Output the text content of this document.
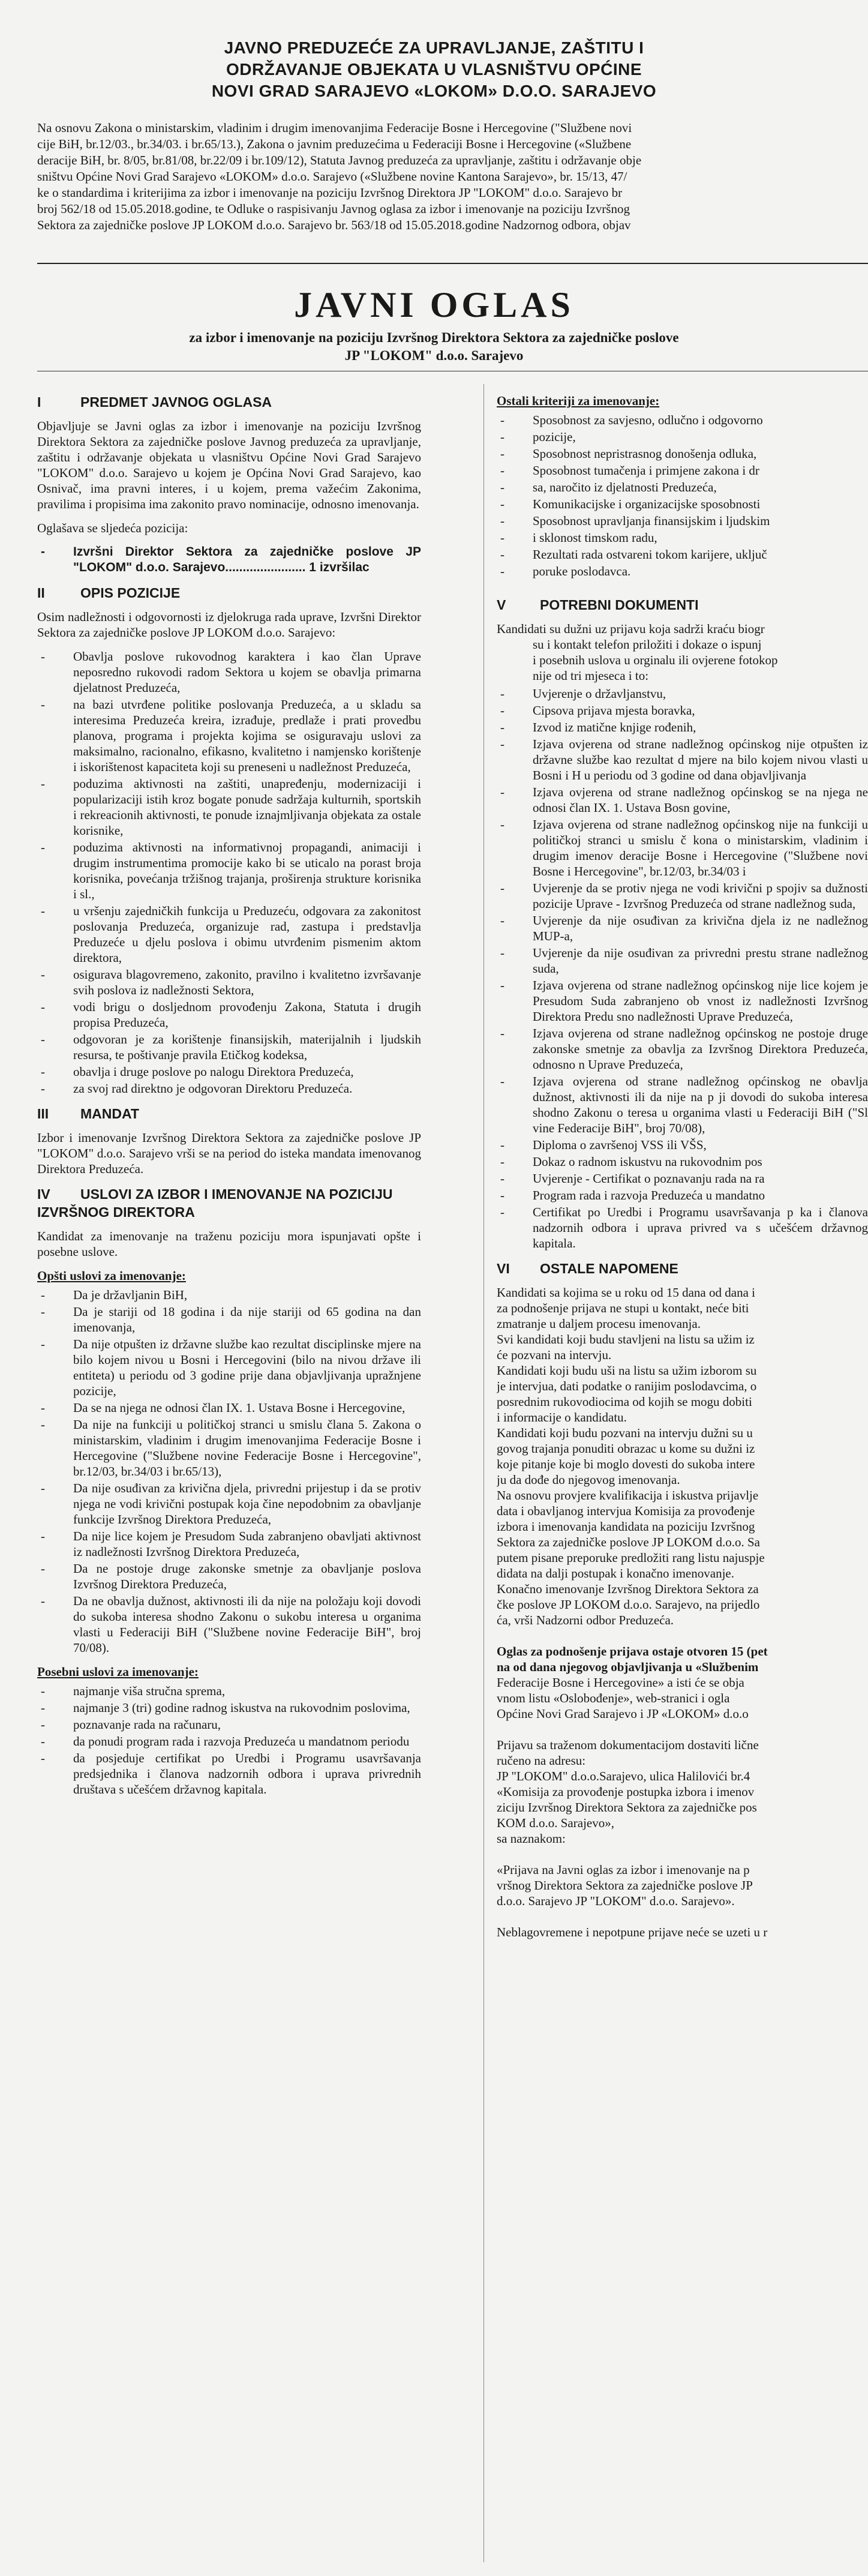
JAVNO PREDUZEĆE ZA UPRAVLJANJE, ZAŠTITU I
ODRŽAVANJE OBJEKATA U VLASNIŠTVU OPĆINE
NOVI GRAD SARAJEVO «LOKOM» D.O.O. SARAJEVO
Na osnovu Zakona o ministarskim, vladinim i drugim imenovanjima Federacije Bosne i Hercegovine ("Službene novi
cije BiH, br.12/03., br.34/03. i br.65/13.), Zakona o javnim preduzećima u Federaciji Bosne i Hercegovine («Službene
deracije BiH, br. 8/05, br.81/08, br.22/09 i br.109/12), Statuta Javnog preduzeća za upravljanje, zaštitu i održavanje obje
sništvu Općine Novi Grad Sarajevo «LOKOM» d.o.o. Sarajevo («Službene novine Kantona Sarajevo», br. 15/13, 47/
ke o standardima i kriterijima za izbor i imenovanje na poziciju Izvršnog Direktora JP "LOKOM" d.o.o. Sarajevo br
broj 562/18 od 15.05.2018.godine, te Odluke o raspisivanju Javnog oglasa za izbor i imenovanje na poziciju Izvršnog
Sektora za zajedničke poslove JP LOKOM d.o.o. Sarajevo br. 563/18 od 15.05.2018.godine Nadzornog odbora, objav
JAVNI OGLAS
za izbor i imenovanje na poziciju Izvršnog Direktora Sektora za zajedničke poslove
JP "LOKOM" d.o.o. Sarajevo
I	PREDMET JAVNOG OGLASA

Objavljuje se Javni oglas za izbor i imenovanje na poziciju Izvršnog Direktora Sektora za zajedničke poslove Javnog preduzeća za upravljanje, zaštitu i održavanje objekata u vlasništvu Općine Novi Grad Sarajevo "LOKOM" d.o.o. Sarajevo u kojem je Općina Novi Grad Sarajevo, kao Osnivač, ima pravni interes, i u kojem, prema važećim Zakonima, pravilima i propisima ima zakonito pravo nominacije, odnosno imenovanja.

Oglašava se sljedeća pozicija:

- Izvršni Direktor Sektora za zajedničke poslove JP "LOKOM" d.o.o. Sarajevo....................... 1 izvršilac
II	OPIS POZICIJE

Osim nadležnosti i odgovornosti iz djelokruga rada uprave, Izvršni Direktor Sektora za zajedničke poslove JP LOKOM d.o.o. Sarajevo:

- Obavlja poslove rukovodnog karaktera i kao član Uprave neposredno rukovodi radom Sektora u kojem se obavlja primarna djelatnost Preduzeća,
- na bazi utvrđene politike poslovanja Preduzeća, a u skladu sa interesima Preduzeća kreira, izrađuje, predlaže i prati provedbu planova, programa i projekta kojima se osiguravaju uslovi za maksimalno, racionalno, efikasno, kvalitetno i namjensko korištenje i iskorištenost kapaciteta koji su preneseni u nadležnost Preduzeća,
- poduzima aktivnosti na zaštiti, unapređenju, modernizaciji i popularizaciji istih kroz bogate ponude sadržaja kulturnih, sportskih i rekreacionih aktivnosti, te ponude iznajmljivanja objekata za ostale korisnike,
- poduzima aktivnosti na informativnoj propagandi, animaciji i drugim instrumentima promocije kako bi se uticalo na porast broja korisnika, povećanja tržišnog trajanja, proširenja strukture korisnika i sl.,
- u vršenju zajedničkih funkcija u Preduzeću, odgovara za zakonitost poslovanja Preduzeća, organizuje rad, zastupa i predstavlja Preduzeće u djelu poslova i obimu utvrđenim pismenim aktom direktora,
- osigurava blagovremeno, zakonito, pravilno i kvalitetno izvršavanje svih poslova iz nadležnosti Sektora,
- vodi brigu o dosljednom provođenju Zakona, Statuta i drugih propisa Preduzeća,
- odgovoran je za korištenje finansijskih, materijalnih i ljudskih resursa, te poštivanje pravila Etičkog kodeksa,
- obavlja i druge poslove po nalogu Direktora Preduzeća,
- za svoj rad direktno je odgovoran Direktoru Preduzeća.
III MANDAT

Izbor i imenovanje Izvršnog Direktora Sektora za zajedničke poslove JP "LOKOM" d.o.o. Sarajevo vrši se na period do isteka mandata imenovanog Direktora Preduzeća.

IV USLOVI ZA IZBOR I IMENOVANJE NA POZICIJU IZVRŠNOG DIREKTORA

Kandidat za imenovanje na traženu poziciju mora ispunjavati opšte i posebne uslove.

Opšti uslovi za imenovanje:
- Da je državljanin BiH,
- Da je stariji od 18 godina i da nije stariji od 65 godina na dan imenovanja,
- Da nije otpušten iz državne službe kao rezultat disciplinske mjere na bilo kojem nivou u Bosni i Hercegovini (bilo na nivou države ili entiteta) u periodu od 3 godine prije dana objavljivanja upražnjene pozicije,
- Da se na njega ne odnosi član IX. 1. Ustava Bosne i Hercegovine,
- Da nije na funkciji u političkoj stranci u smislu člana 5. Zakona o ministarskim, vladinim i drugim imenovanjima Federacije Bosne i Hercegovine ("Službene novine Federacije Bosne i Hercegovine", br.12/03, br.34/03 i br.65/13),
- Da nije osuđivan za krivična djela, privredni prijestup i da se protiv njega ne vodi krivični postupak koja čine nepodobnim za obavljanje funkcije Izvršnog Direktora Preduzeća,
- Da nije lice kojem je Presudom Suda zabranjeno obavljati aktivnost iz nadležnosti Izvršnog Direktora Preduzeća,
- Da ne postoje druge zakonske smetnje za obavljanje poslova Izvršnog Direktora Preduzeća,
- Da ne obavlja dužnost, aktivnosti ili da nije na položaju koji dovodi do sukoba interesa shodno Zakonu o sukobu interesa u organima vlasti u Federaciji BiH ("Službene novine Federacije BiH", broj 70/08).
Posebni uslovi za imenovanje:
- najmanje viša stručna sprema,
- najmanje 3 (tri) godine radnog iskustva na rukovodnim poslovima,
- poznavanje rada na računaru,
- da ponudi program rada i razvoja Preduzeća u mandatnom periodu
- da posjeduje certifikat po Uredbi i Programu usavršavanja predsjednika i članova nadzornih odbora i uprava privrednih društava s učešćem državnog kapitala.
Ostali kriteriji za imenovanje:
- Sposobnost za savjesno, odlučno i odgovorno
- pozicije,
- Sposobnost nepristrasnog donošenja odluka,
- Sposobnost tumačenja i primjene zakona i dr
- sa, naročito iz djelatnosti Preduzeća,
- Komunikacijske i organizacijske sposobnosti
- Sposobnost upravljanja finansijskim i ljudskim
- i sklonost timskom radu,
- Rezultati rada ostvareni tokom karijere, uključ
- poruke poslodavca.
V POTREBNI DOKUMENTI

Kandidati su dužni uz prijavu koja sadrži kraću biogr

su i kontakt telefon priložiti i dokaze o ispunj

i posebnih uslova u orginalu ili ovjerene fotokop

nije od tri mjeseca i to:

- Uvjerenje o državljanstvu,
- Cipsova prijava mjesta boravka,
- Izvod iz matične knjige rođenih,
- Izjava ovjerena od strane nadležnog općinskog nije otpušten iz državne službe kao rezultat d mjere na bilo kojem nivou vlasti u Bosni i H u periodu od 3 godine od dana objavljivanja
- Izjava ovjerena od strane nadležnog općinskog se na njega ne odnosi član IX. 1. Ustava Bosn govine,
- Izjava ovjerena od strane nadležnog općinskog nije na funkciji u političkoj stranci u smislu č kona o ministarskim, vladinim i drugim imenov deracije Bosne i Hercegovine ("Službene novi Bosne i Hercegovine", br.12/03, br.34/03 i
- Uvjerenje da se protiv njega ne vodi krivični p spojiv sa dužnosti pozicije Uprave - Izvršnog Preduzeća od strane nadležnog suda,
- Uvjerenje da nije osuđivan za krivična djela iz ne nadležnog MUP-a,
- Uvjerenje da nije osuđivan za privredni prestu strane nadležnog suda,
- Izjava ovjerena od strane nadležnog općinskog nije lice kojem je Presudom Suda zabranjeno ob vnost iz nadležnosti Izvršnog Direktora Predu sno nadležnosti Uprave Preduzeća,
- Izjava ovjerena od strane nadležnog općinskog ne postoje druge zakonske smetnje za obavlja za Izvršnog Direktora Preduzeća, odnosno n Uprave Preduzeća,
- Izjava ovjerena od strane nadležnog općinskog ne obavlja dužnost, aktivnosti ili da nije na p ji dovodi do sukoba interesa shodno Zakonu o teresa u organima vlasti u Federaciji BiH ("Sl vine Federacije BiH", broj 70/08),
- Diploma o završenoj VSS ili VŠS,
- Dokaz o radnom iskustvu na rukovodnim pos
- Uvjerenje - Certifikat o poznavanju rada na ra
- Program rada i razvoja Preduzeća u mandatno
- Certifikat po Uredbi i Programu usavršavanja p ka i članova nadzornih odbora i uprava privred va s učešćem državnog kapitala.
VI OSTALE NAPOMENE

Kandidati sa kojima se u roku od 15 dana od dana i

za podnošenje prijava ne stupi u kontakt, neće biti

zmatranje u daljem procesu imenovanja.

Svi kandidati koji budu stavljeni na listu sa užim iz

će pozvani na intervju.

Kandidati koji budu uši na listu sa užim izborom su

je intervjua, dati podatke o ranijim poslodavcima, o

posrednim rukovodiocima od kojih se mogu dobiti

i informacije o kandidatu.

Kandidati koji budu pozvani na intervju dužni su u

govog trajanja ponuditi obrazac u kome su dužni iz

koje pitanje koje bi moglo dovesti do sukoba intere

ju da dođe do njegovog imenovanja.

Na osnovu provjere kvalifikacija i iskustva prijavlje

data i obavljanog intervjua Komisija za provođenje

izbora i imenovanja kandidata na poziciju Izvršnog

Sektora za zajedničke poslove JP LOKOM d.o.o. Sa

putem pisane preporuke predložiti rang listu najuspje

didata na dalji postupak i konačno imenovanje.

Konačno imenovanje Izvršnog Direktora Sektora za

čke poslove JP LOKOM d.o.o. Sarajevo, na prijedlo

ća, vrši Nadzorni odbor Preduzeća.

Oglas za podnošenje prijava ostaje otvoren 15 (pet

na od dana njegovog objavljivanja u «Službenim

Federacije Bosne i Hercegovine» a isti će se obja

vnom listu «Oslobođenje», web-stranici i ogla

Općine Novi Grad Sarajevo i JP «LOKOM» d.o.o

Prijavu sa traženom dokumentacijom dostaviti lične

ručeno na adresu:

JP "LOKOM" d.o.o.Sarajevo, ulica Halilovići br.4

«Komisija za provođenje postupka izbora i imenov

ziciju Izvršnog Direktora Sektora za zajedničke pos

KOM d.o.o. Sarajevo»,

sa naznakom:

«Prijava na Javni oglas za izbor i imenovanje na p

vršnog Direktora Sektora za zajedničke poslove JP

d.o.o. Sarajevo JP "LOKOM" d.o.o. Sarajevo».

Neblagovremene i nepotpune prijave neće se uzeti u r
